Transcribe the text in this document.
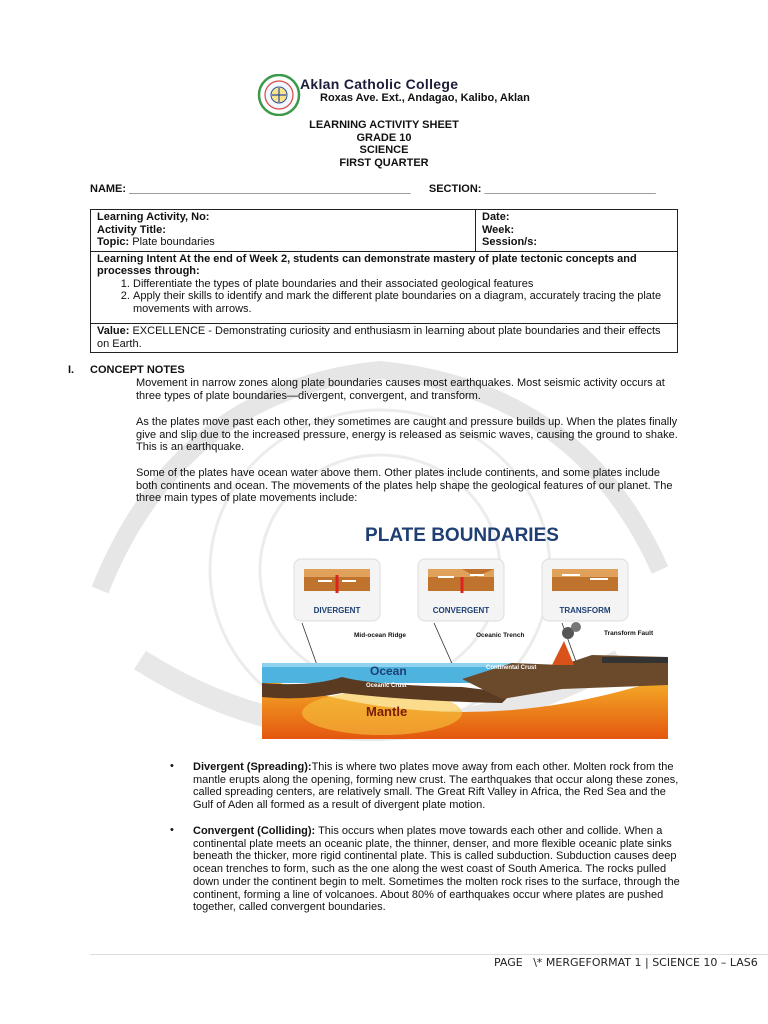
Aklan Catholic College
Roxas Ave. Ext., Andagao, Kalibo, Aklan
LEARNING ACTIVITY SHEET
GRADE 10
SCIENCE
FIRST QUARTER
NAME: ______________________________________________      SECTION: ____________________________
Learning Activity, No:
Activity Title:
Topic: Plate boundaries

Date:
Week:
Session/s:

Learning Intent At the end of Week 2, students can demonstrate mastery of plate tectonic concepts and processes through:
1. Differentiate the types of plate boundaries and their associated geological features
2. Apply their skills to identify and mark the different plate boundaries on a diagram, accurately tracing the plate movements with arrows.

Value: EXCELLENCE - Demonstrating curiosity and enthusiasm in learning about plate boundaries and their effects on Earth.
I. CONCEPT NOTES
Movement in narrow zones along plate boundaries causes most earthquakes. Most seismic activity occurs at three types of plate boundaries—divergent, convergent, and transform.
As the plates move past each other, they sometimes are caught and pressure builds up. When the plates finally give and slip due to the increased pressure, energy is released as seismic waves, causing the ground to shake. This is an earthquake.
Some of the plates have ocean water above them. Other plates include continents, and some plates include both continents and ocean. The movements of the plates help shape the geological features of our planet. The three main types of plate movements include:
PLATE BOUNDARIES
DIVERGENT	CONVERGENT	TRANSFORM
Mid-ocean Ridge	Oceanic Trench	Transform Fault
Ocean
Oceanic Crust
Continental Crust
Mantle
• Divergent (Spreading):This is where two plates move away from each other. Molten rock from the mantle erupts along the opening, forming new crust. The earthquakes that occur along these zones, called spreading centers, are relatively small. The Great Rift Valley in Africa, the Red Sea and the Gulf of Aden all formed as a result of divergent plate motion.
• Convergent (Colliding): This occurs when plates move towards each other and collide. When a continental plate meets an oceanic plate, the thinner, denser, and more flexible oceanic plate sinks beneath the thicker, more rigid continental plate. This is called subduction. Subduction causes deep ocean trenches to form, such as the one along the west coast of South America. The rocks pulled down under the continent begin to melt. Sometimes the molten rock rises to the surface, through the continent, forming a line of volcanoes. About 80% of earthquakes occur where plates are pushed together, called convergent boundaries.
PAGE   \* MERGEFORMAT 1 | SCIENCE 10 – LAS6
